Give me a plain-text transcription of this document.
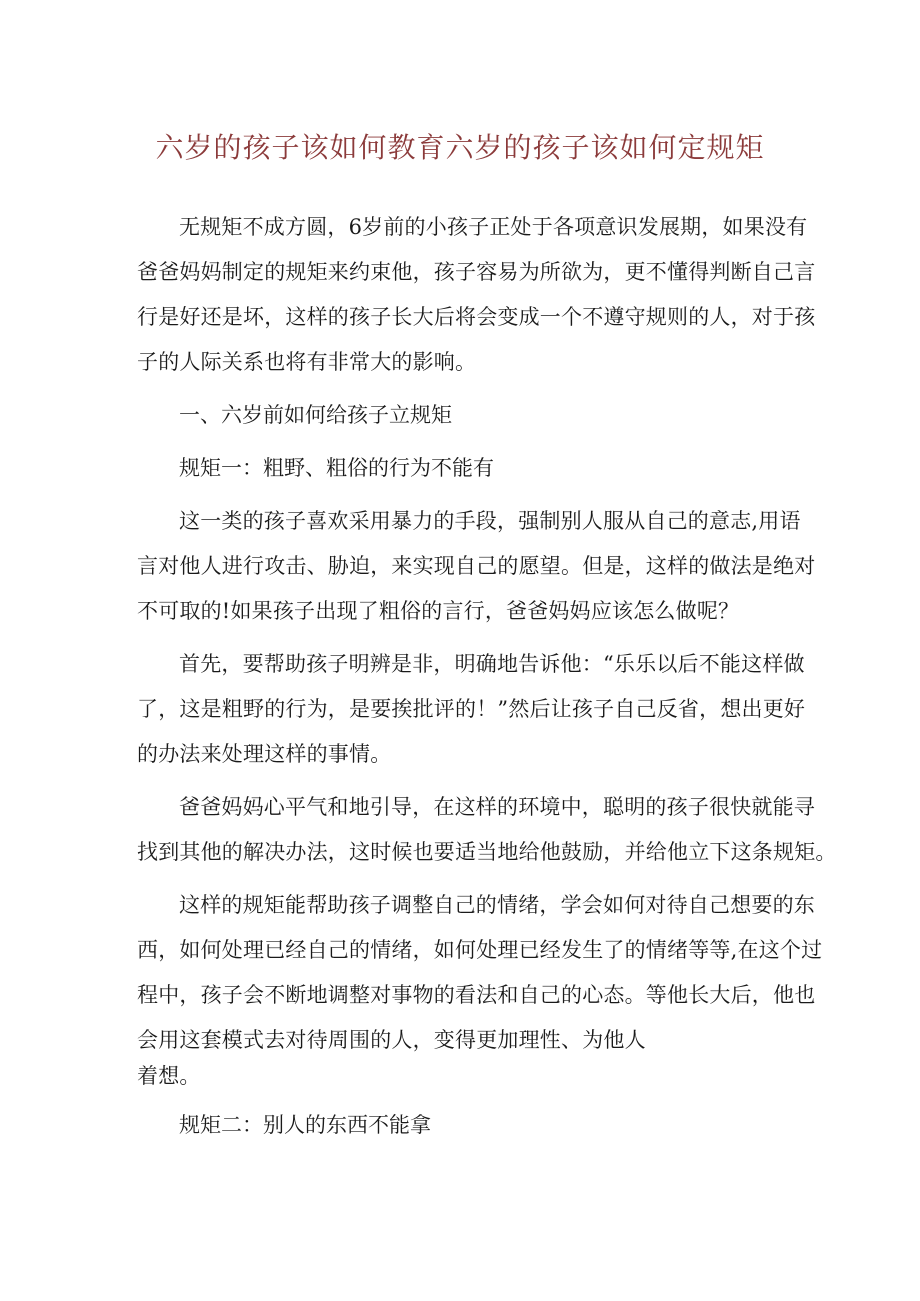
六岁的孩子该如何教育六岁的孩子该如何定规矩

无规矩不成方圆，6岁前的小孩子正处于各项意识发展期，如果没有
爸爸妈妈制定的规矩来约束他，孩子容易为所欲为，更不懂得判断自己言
行是好还是坏，这样的孩子长大后将会变成一个不遵守规则的人，对于孩
子的人际关系也将有非常大的影响。

一、六岁前如何给孩子立规矩

规矩一：粗野、粗俗的行为不能有

这一类的孩子喜欢采用暴力的手段，强制别人服从自己的意志,用语
言对他人进行攻击、胁迫，来实现自己的愿望。但是，这样的做法是绝对
不可取的!如果孩子出现了粗俗的言行，爸爸妈妈应该怎么做呢？

首先，要帮助孩子明辨是非，明确地告诉他：“乐乐以后不能这样做
了，这是粗野的行为，是要挨批评的！”然后让孩子自己反省，想出更好
的办法来处理这样的事情。

爸爸妈妈心平气和地引导，在这样的环境中，聪明的孩子很快就能寻
找到其他的解决办法，这时候也要适当地给他鼓励，并给他立下这条规矩。

这样的规矩能帮助孩子调整自己的情绪，学会如何对待自己想要的东
西，如何处理已经自己的情绪，如何处理已经发生了的情绪等等,在这个过
程中，孩子会不断地调整对事物的看法和自己的心态。等他长大后，他也
会用这套模式去对待周围的人，变得更加理性、为他人
着想。

规矩二：别人的东西不能拿
